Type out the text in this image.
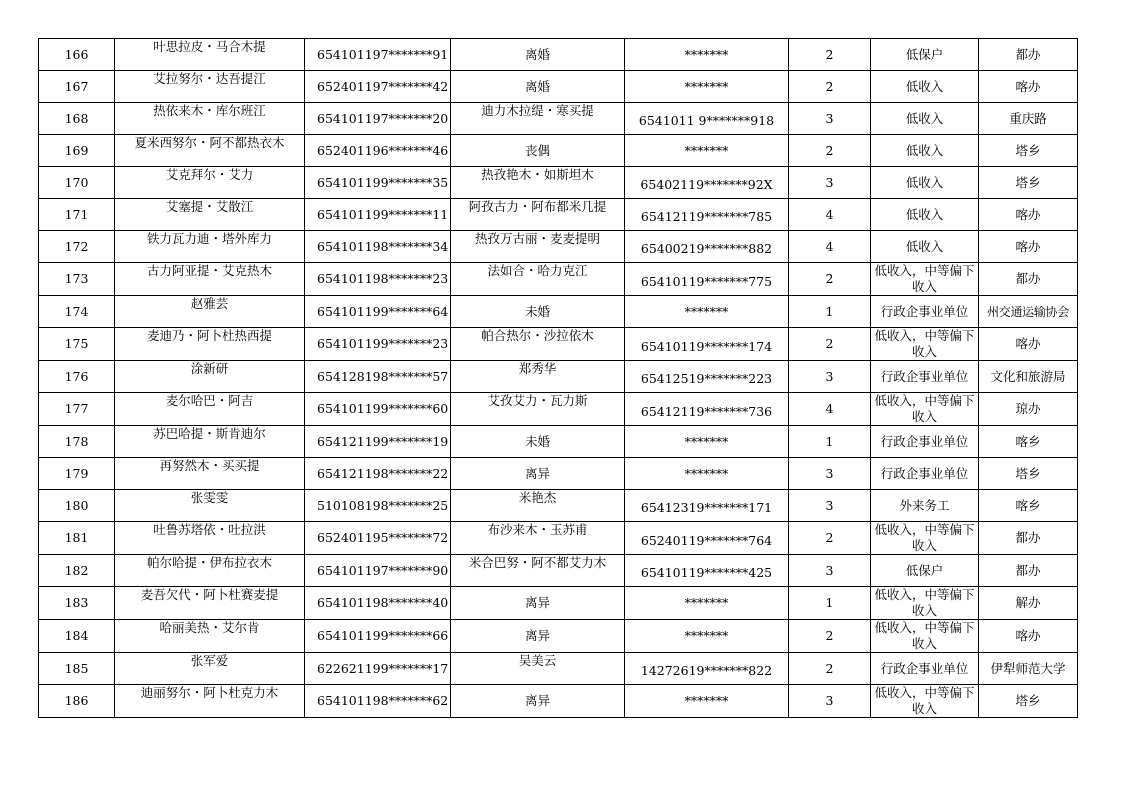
166	叶思拉皮・马合木提	654101197*******91	离婚	*******	2	低保户	都办
167	艾拉努尔・达吾提江	652401197*******42	离婚	*******	2	低收入	喀办
168	热依来木・库尔班江	654101197*******20	迪力木拉缇・寒买提	6541011 9*******918	3	低收入	重庆路
169	夏米西努尔・阿不都热衣木	652401196*******46	丧偶	*******	2	低收入	塔乡
170	艾克拜尔・艾力	654101199*******35	热孜艳木・如斯坦木	65402119*******92X	3	低收入	塔乡
171	艾塞提・艾散江	654101199*******11	阿孜古力・阿布都米几提	65412119*******785	4	低收入	喀办
172	铁力瓦力迪・塔外库力	654101198*******34	热孜万古丽・麦麦提明	65400219*******882	4	低收入	喀办
173	古力阿亚提・艾克热木	654101198*******23	法如合・哈力克江	65410119*******775	2	低收入，中等偏下收入	都办
174	赵雅芸	654101199*******64	未婚	*******	1	行政企事业单位	州交通运输协会
175	麦迪乃・阿卜杜热西提	654101199*******23	帕合热尔・沙拉依木	65410119*******174	2	低收入，中等偏下收入	喀办
176	涂新研	654128198*******57	郑秀华	65412519*******223	3	行政企事业单位	文化和旅游局
177	麦尔哈巴・阿吉	654101199*******60	艾孜艾力・瓦力斯	65412119*******736	4	低收入，中等偏下收入	琼办
178	苏巴哈提・斯肯迪尔	654121199*******19	未婚	*******	1	行政企事业单位	喀乡
179	再努然木・买买提	654121198*******22	离异	*******	3	行政企事业单位	塔乡
180	张雯雯	510108198*******25	米艳杰	65412319*******171	3	外来务工	喀乡
181	吐鲁苏塔依・吐拉洪	652401195*******72	布沙来木・玉苏甫	65240119*******764	2	低收入，中等偏下收入	都办
182	帕尔哈提・伊布拉衣木	654101197*******90	米合巴努・阿不都艾力木	65410119*******425	3	低保户	都办
183	麦吾欠代・阿卜杜赛麦提	654101198*******40	离异	*******	1	低收入，中等偏下收入	解办
184	哈丽美热・艾尔肯	654101199*******66	离异	*******	2	低收入，中等偏下收入	喀办
185	张军爱	622621199*******17	吴美云	14272619*******822	2	行政企事业单位	伊犁师范大学
186	迪丽努尔・阿卜杜克力木	654101198*******62	离异	*******	3	低收入，中等偏下收入	塔乡
